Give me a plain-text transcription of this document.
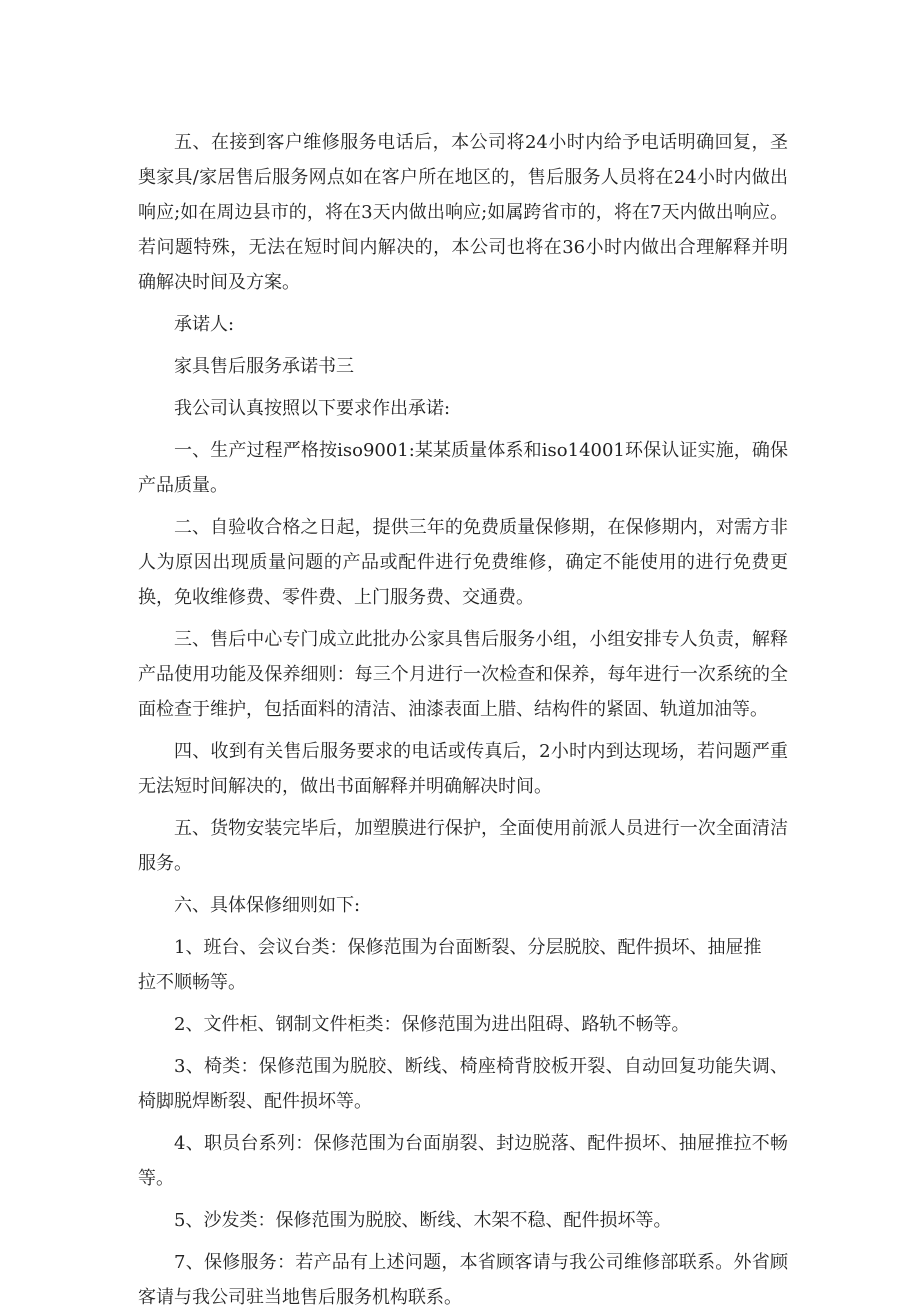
五、在接到客户维修服务电话后，本公司将24小时内给予电话明确回复，圣奥家具/家居售后服务网点如在客户所在地区的，售后服务人员将在24小时内做出响应;如在周边县市的，将在3天内做出响应;如属跨省市的，将在7天内做出响应。若问题特殊，无法在短时间内解决的，本公司也将在36小时内做出合理解释并明确解决时间及方案。

承诺人:

家具售后服务承诺书三

我公司认真按照以下要求作出承诺:

一、生产过程严格按iso9001:某某质量体系和iso14001环保认证实施，确保产品质量。

二、自验收合格之日起，提供三年的免费质量保修期，在保修期内，对需方非人为原因出现质量问题的产品或配件进行免费维修，确定不能使用的进行免费更换，免收维修费、零件费、上门服务费、交通费。

三、售后中心专门成立此批办公家具售后服务小组，小组安排专人负责，解释产品使用功能及保养细则：每三个月进行一次检查和保养，每年进行一次系统的全面检查于维护，包括面料的清洁、油漆表面上腊、结构件的紧固、轨道加油等。

四、收到有关售后服务要求的电话或传真后，2小时内到达现场，若问题严重无法短时间解决的，做出书面解释并明确解决时间。

五、货物安装完毕后，加塑膜进行保护，全面使用前派人员进行一次全面清洁服务。

六、具体保修细则如下:

1、班台、会议台类：保修范围为台面断裂、分层脱胶、配件损坏、抽屉推

拉不顺畅等。

2、文件柜、钢制文件柜类：保修范围为进出阻碍、路轨不畅等。

3、椅类：保修范围为脱胶、断线、椅座椅背胶板开裂、自动回复功能失调、椅脚脱焊断裂、配件损坏等。

4、职员台系列：保修范围为台面崩裂、封边脱落、配件损坏、抽屉推拉不畅等。

5、沙发类：保修范围为脱胶、断线、木架不稳、配件损坏等。

7、保修服务：若产品有上述问题，本省顾客请与我公司维修部联系。外省顾客请与我公司驻当地售后服务机构联系。
